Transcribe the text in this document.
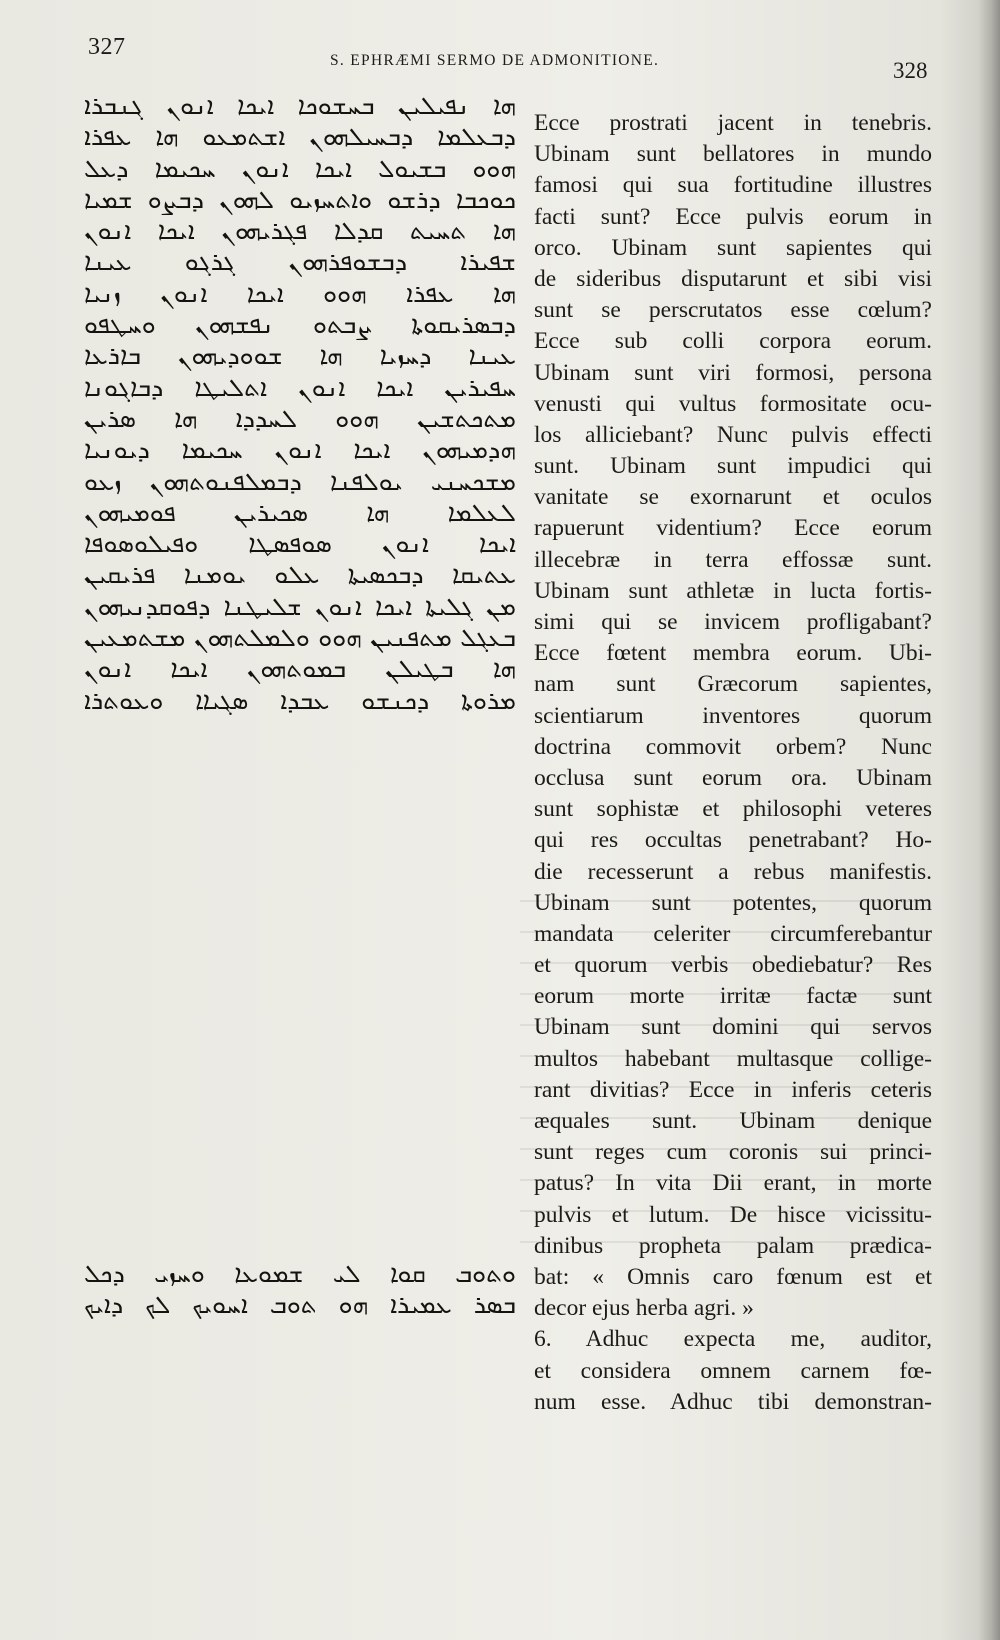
327
S. EPHRÆMI SERMO DE ADMONITIONE.	328
ܗܐ ܢܦܝܠܝܢ ܒܚܫܘܟܐ ܐܝܟܐ ܐܢܘܢ ܓܢܒܪܐ
ܕܒܥܠܡܐ ܕܒܚܝܠܗܘܢ ܐܫܬܡܥܘ ܗܐ ܥܦܪܐ
ܗܘܘ ܒܫܝܘܠ ܐܝܟܐ ܐܢܘܢ ܚܟܝܡܐ ܕܥܠ
ܟܘܟܒܐ ܕܪܫܘ ܘܐܬܚܙܝܘ ܠܗܘܢ ܕܒܨܘ ܫܡܝܐ
ܗܐ ܬܚܝܬ ܩܕܠܐ ܦܓܪܝܗܘܢ ܐܝܟܐ ܐܢܘܢ
ܫܦܝܪܐ ܕܒܫܘܦܪܗܘܢ ܓܪܓܘ ܥܝܢܐ
ܗܐ ܥܦܪܐ ܗܘܘ ܐܝܟܐ ܐܢܘܢ ܙܢܝܐ
ܕܒܣܪܝܩܘܬܐ ܨܒܬܘ ܢܦܫܗܘܢ ܘܚܛܦܘ
ܥܝܢܐ ܕܚܙܝܐ ܗܐ ܫܘܘܕܝܗܘܢ ܒܐܪܥܐ
ܚܦܝܪܝܢ ܐܝܟܐ ܐܢܘܢ ܐܬܠܝܛܐ ܕܒܐܓܘܢܐ
ܡܬܟܬܫܝܢ ܗܘܘ ܠܚܕܕܐ ܗܐ ܣܪܝܢ
ܗܕܡܝܗܘܢ ܐܝܟܐ ܐܢܘܢ ܚܟܝܡܐ ܕܝܘܢܝܐ
ܡܫܟܚܢܝ ܝܘܠܦܢܐ ܕܒܡܠܦܢܘܬܗܘܢ ܙܥܘ
ܠܥܠܡܐ ܗܐ ܣܟܝܪܝܢ ܦܘܡܝܗܘܢ
ܐܝܟܐ ܐܢܘܢ ܣܘܦܣܛܐ ܘܦܝܠܘܣܘܦܐ
ܥܬܝܩܐ ܕܒܟܣܝܬܐ ܥܠܘ ܝܘܡܢܐ ܦܪܝܩܝܢ
ܡܢ ܓܠܝܬܐ ܐܝܟܐ ܐܢܘܢ ܫܠܝܛܢܐ ܕܦܘܩܕܢܝܗܘܢ
ܒܥܓܠ ܡܬܦܢܝܢ ܗܘܘ ܘܠܡܠܬܗܘܢ ܡܫܬܡܥܝܢ
ܗܐ ܒܛܝܠܢ ܒܡܘܬܗܘܢ ܐܝܟܐ ܐܢܘܢ
ܡܪܘܬܐ ܕܟܢܫܘ ܥܒܕܐ ܣܓܝܐܐ ܘܥܘܬܪܐ
ܘܬܘܒ ܩܘܐ ܠܝ ܫܡܘܥܐ ܘܚܙܝ ܕܟܠ
ܒܣܪ ܥܡܝܪܐ ܗܘ ܬܘܒ ܐܚܘܝܟ ܠܟ ܕܐܝܟ
Ecce prostrati jacent in tenebris.
Ubinam sunt bellatores in mundo
famosi qui sua fortitudine illustres
facti sunt? Ecce pulvis eorum in
orco. Ubinam sunt sapientes qui
de sideribus disputarunt et sibi visi
sunt se perscrutatos esse cœlum?
Ecce sub colli corpora eorum.
Ubinam sunt viri formosi, persona
venusti qui vultus formositate ocu-
los alliciebant? Nunc pulvis effecti
sunt. Ubinam sunt impudici qui
vanitate se exornarunt et oculos
rapuerunt videntium? Ecce eorum
illecebræ in terra effossæ sunt.
Ubinam sunt athletæ in lucta fortis-
simi qui se invicem profligabant?
Ecce fœtent membra eorum. Ubi-
nam sunt Græcorum sapientes,
scientiarum inventores quorum
doctrina commovit orbem? Nunc
occlusa sunt eorum ora. Ubinam
sunt sophistæ et philosophi veteres
qui res occultas penetrabant? Ho-
die recesserunt a rebus manifestis.
Ubinam sunt potentes, quorum
mandata celeriter circumferebantur
et quorum verbis obediebatur? Res
eorum morte irritæ factæ sunt
Ubinam sunt domini qui servos
multos habebant multasque collige-
rant divitias? Ecce in inferis ceteris
æquales sunt. Ubinam denique
sunt reges cum coronis sui princi-
patus? In vita Dii erant, in morte
pulvis et lutum. De hisce vicissitu-
dinibus propheta palam prædica-
bat: « Omnis caro fœnum est et
decor ejus herba agri. »
6. Adhuc expecta me, auditor,
et considera omnem carnem fœ-
num esse. Adhuc tibi demonstran-
